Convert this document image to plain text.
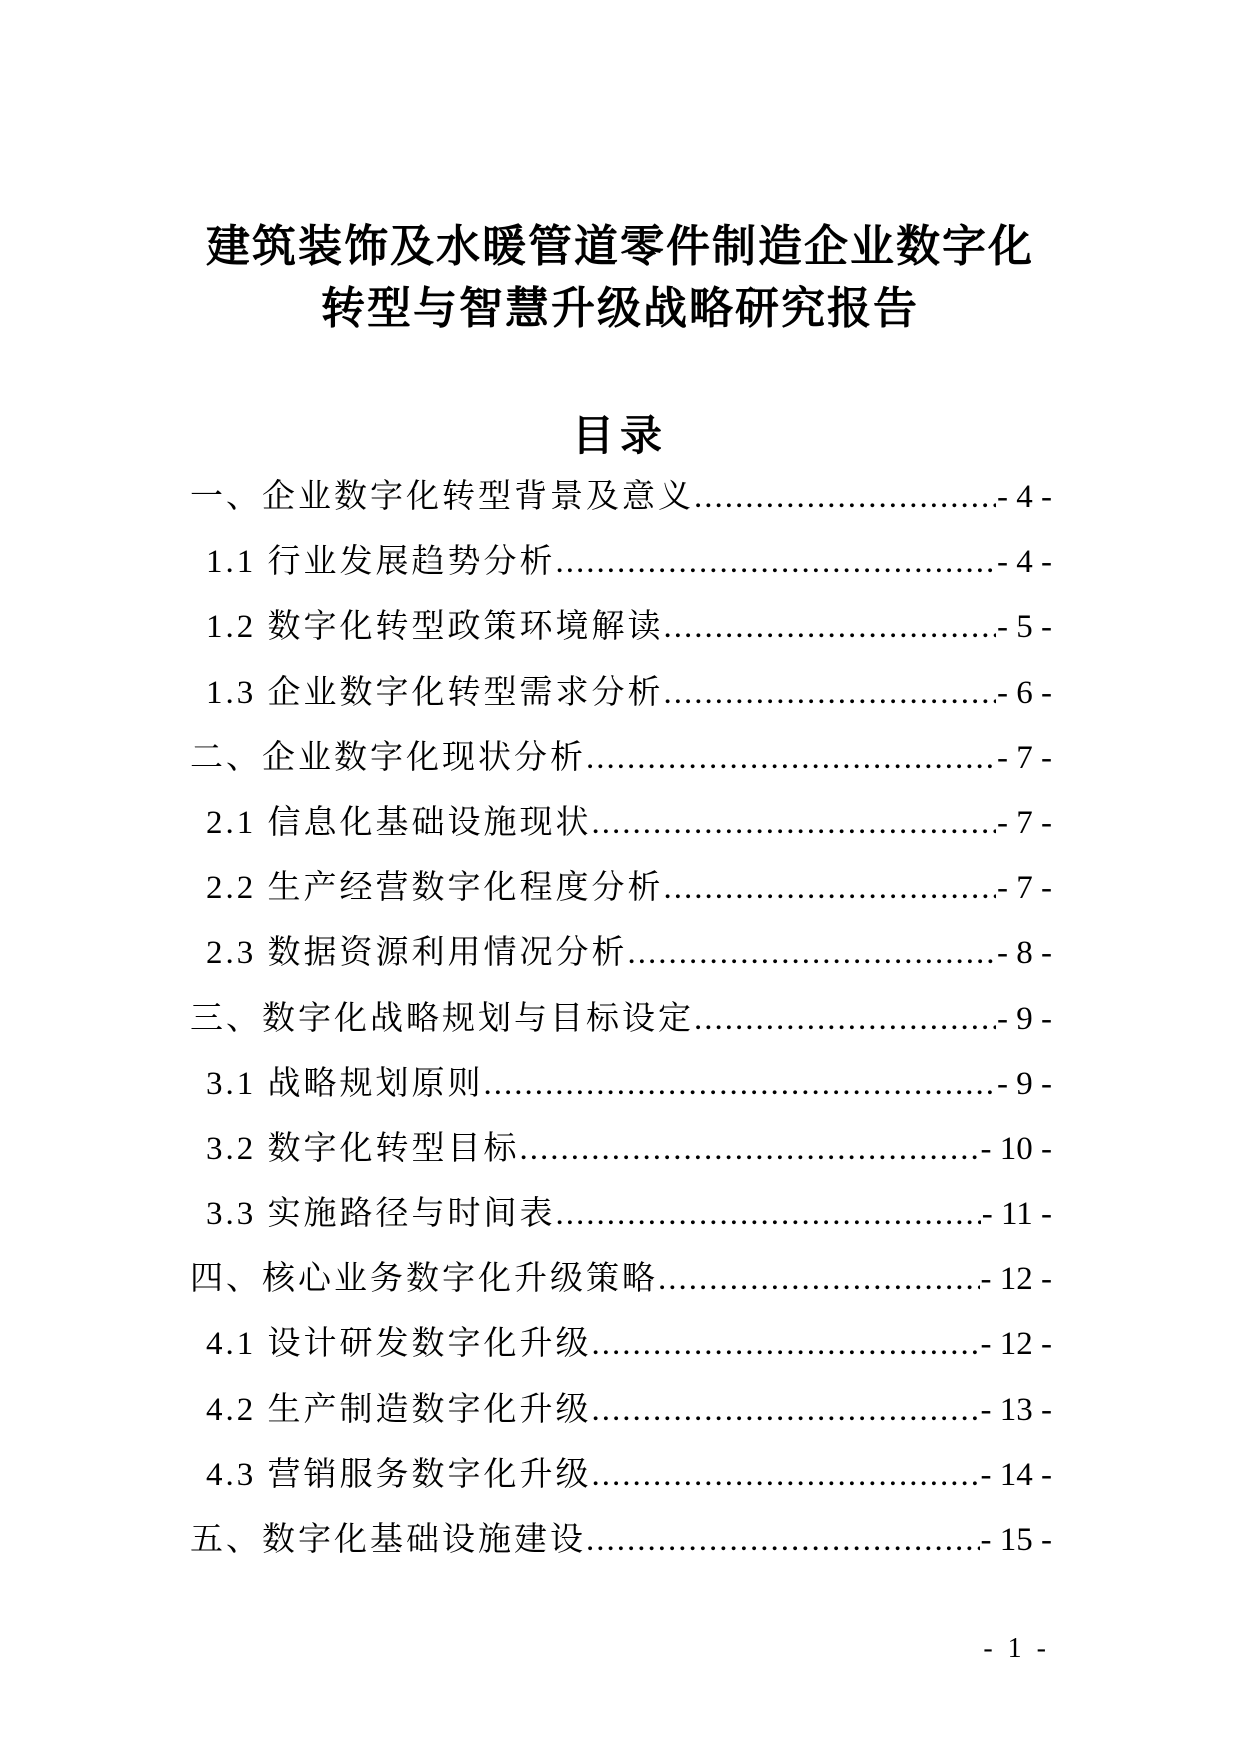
建筑装饰及水暖管道零件制造企业数字化
转型与智慧升级战略研究报告
目录
一、企业数字化转型背景及意义 .....	- 4 -
1.1 行业发展趋势分析 .....	- 4 -
1.2 数字化转型政策环境解读 .....	- 5 -
1.3 企业数字化转型需求分析 .....	- 6 -
二、企业数字化现状分析 .....	- 7 -
2.1 信息化基础设施现状 .....	- 7 -
2.2 生产经营数字化程度分析 .....	- 7 -
2.3 数据资源利用情况分析 .....	- 8 -
三、数字化战略规划与目标设定 .....	- 9 -
3.1 战略规划原则 .....	- 9 -
3.2 数字化转型目标 .....	- 10 -
3.3 实施路径与时间表 .....	- 11 -
四、核心业务数字化升级策略 .....	- 12 -
4.1 设计研发数字化升级 .....	- 12 -
4.2 生产制造数字化升级 .....	- 13 -
4.3 营销服务数字化升级 .....	- 14 -
五、数字化基础设施建设 .....	- 15 -
- 1 -
